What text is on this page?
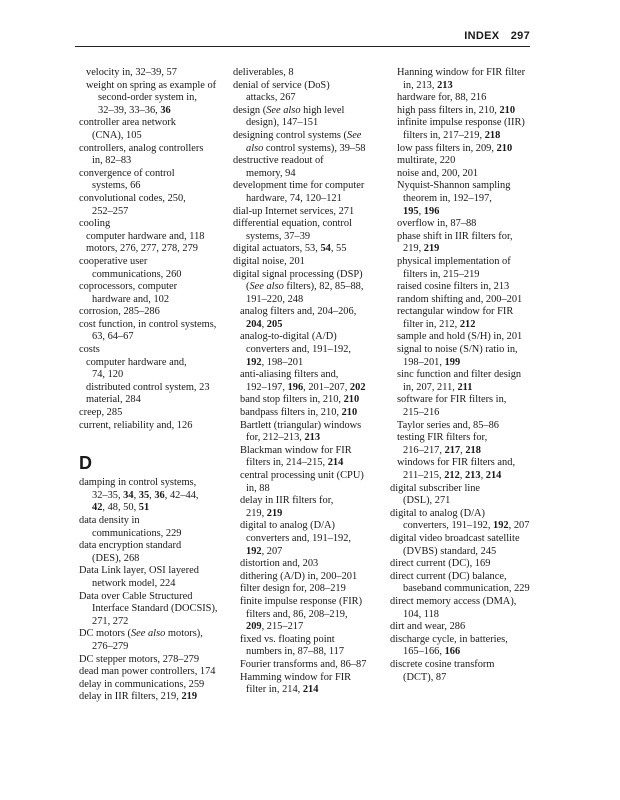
INDEX 297
velocity in, 32–39, 57
weight on spring as example of
second-order system in,
32–39, 33–36, 36
controller area network
(CNA), 105
controllers, analog controllers
in, 82–83
convergence of control
systems, 66
convolutional codes, 250,
252–257
cooling
computer hardware and, 118
motors, 276, 277, 278, 279
cooperative user
communications, 260
coprocessors, computer
hardware and, 102
corrosion, 285–286
cost function, in control systems,
63, 64–67
costs
computer hardware and,
74, 120
distributed control system, 23
material, 284
creep, 285
current, reliability and, 126
D
damping in control systems,
32–35, 34, 35, 36, 42–44,
42, 48, 50, 51
data density in
communications, 229
data encryption standard
(DES), 268
Data Link layer, OSI layered
network model, 224
Data over Cable Structured
Interface Standard (DOCSIS),
271, 272
DC motors (See also motors),
276–279
DC stepper motors, 278–279
dead man power controllers, 174
delay in communications, 259
delay in IIR filters, 219, 219
deliverables, 8
denial of service (DoS)
attacks, 267
design (See also high level
design), 147–151
designing control systems (See
also control systems), 39–58
destructive readout of
memory, 94
development time for computer
hardware, 74, 120–121
dial-up Internet services, 271
differential equation, control
systems, 37–39
digital actuators, 53, 54, 55
digital noise, 201
digital signal processing (DSP)
(See also filters), 82, 85–88,
191–220, 248
analog filters and, 204–206,
204, 205
analog-to-digital (A/D)
converters and, 191–192,
192, 198–201
anti-aliasing filters and,
192–197, 196, 201–207, 202
band stop filters in, 210, 210
bandpass filters in, 210, 210
Bartlett (triangular) windows
for, 212–213, 213
Blackman window for FIR
filters in, 214–215, 214
central processing unit (CPU)
in, 88
delay in IIR filters for,
219, 219
digital to analog (D/A)
converters and, 191–192,
192, 207
distortion and, 203
dithering (A/D) in, 200–201
filter design for, 208–219
finite impulse response (FIR)
filters and, 86, 208–219,
209, 215–217
fixed vs. floating point
numbers in, 87–88, 117
Fourier transforms and, 86–87
Hamming window for FIR
filter in, 214, 214
Hanning window for FIR filter
in, 213, 213
hardware for, 88, 216
high pass filters in, 210, 210
infinite impulse response (IIR)
filters in, 217–219, 218
low pass filters in, 209, 210
multirate, 220
noise and, 200, 201
Nyquist-Shannon sampling
theorem in, 192–197,
195, 196
overflow in, 87–88
phase shift in IIR filters for,
219, 219
physical implementation of
filters in, 215–219
raised cosine filters in, 213
random shifting and, 200–201
rectangular window for FIR
filter in, 212, 212
sample and hold (S/H) in, 201
signal to noise (S/N) ratio in,
198–201, 199
sinc function and filter design
in, 207, 211, 211
software for FIR filters in,
215–216
Taylor series and, 85–86
testing FIR filters for,
216–217, 217, 218
windows for FIR filters and,
211–215, 212, 213, 214
digital subscriber line
(DSL), 271
digital to analog (D/A)
converters, 191–192, 192, 207
digital video broadcast satellite
(DVBS) standard, 245
direct current (DC), 169
direct current (DC) balance,
baseband communication, 229
direct memory access (DMA),
104, 118
dirt and wear, 286
discharge cycle, in batteries,
165–166, 166
discrete cosine transform
(DCT), 87
